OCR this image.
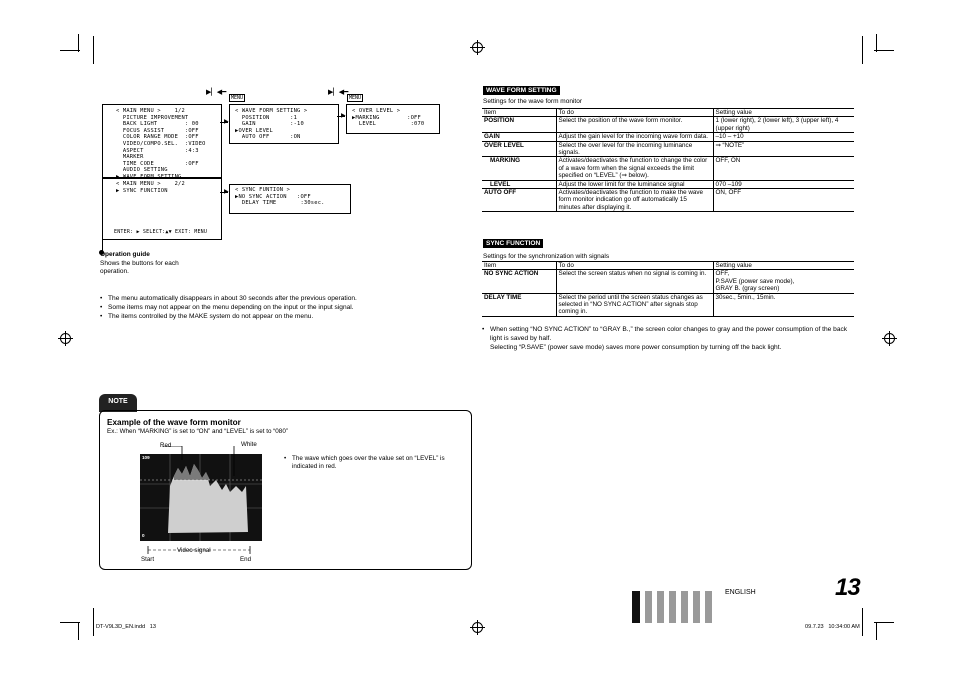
▶▏◀━
MENU
▶▏◀━
MENU
< MAIN MENU >    1/2
PICTURE IMPROVEMENT
BACK LIGHT        : 00
FOCUS ASSIST      :OFF
COLOR RANGE MODE  :OFF
VIDEO/COMPO.SEL.  :VIDEO
ASPECT            :4:3
MARKER
TIME CODE         :OFF
AUDIO SETTING
▶ WAVE FORM SETTING
▶
< WAVE FORM SETTING >
POSITION      :1
GAIN          :-10
▶OVER LEVEL
AUTO OFF      :ON
▶
< OVER LEVEL >
▶MARKING        :OFF
LEVEL          :070
< MAIN MENU >    2/2
▶ SYNC FUNCTION
ENTER: ▶ SELECT:▲▼ EXIT: MENU
▶ < SYNC FUNTION >
▶NO SYNC ACTION   :OFF
DELAY TIME       :30sec.
Operation guide
Shows the buttons for each operation.
• The menu automatically disappears in about 30 seconds after the previous operation.
• Some items may not appear on the menu depending on the input or the input signal.
• The items controlled by the MAKE system do not appear on the menu.
WAVE FORM SETTING
Settings for the wave form monitor
Item	To do	Setting value
POSITION	Select the position of the wave form monitor.	1 (lower right), 2 (lower left), 3 (upper left), 4 (upper right)
GAIN	Adjust the gain level for the incoming wave form data.	–10 – +10
OVER LEVEL	Select the over level for the incoming luminance signals.	⇒ “NOTE”
MARKING	Activates/deactivates the function to change the color of a wave form when the signal exceeds the limit specified on “LEVEL” (⇒ below).	OFF, ON
LEVEL	Adjust the lower limit for the luminance signal	070 –109
AUTO OFF	Activates/deactivates the function to make the wave form monitor indication go off automatically 15 minutes after displaying it.	ON, OFF
SYNC FUNCTION
Settings for the synchronization with signals
Item	To do	Setting value
NO SYNC ACTION	Select the screen status when no signal is coming in.	OFF,
P.SAVE (power save mode),
GRAY B. (gray screen)
DELAY TIME	Select the period until the screen status changes as selected in “NO SYNC ACTION” after signals stop coming in.	30sec., 5min., 15min.
• When setting “NO SYNC ACTION” to “GRAY B.,” the screen color changes to gray and the power consumption of the back light is saved by half.
Selecting “P.SAVE” (power save mode) saves more power consumption by turning off the back light.
NOTE
Example of the wave form monitor
Ex.: When “MARKING” is set to “ON” and “LEVEL” is set to “080”
Red	White
109
0
Video signal
Start	End
• The wave which goes over the value set on “LEVEL” is indicated in red.
ENGLISH	13
DT-V9L3D_EN.indd   13	09.7.23   10:34:00 AM
